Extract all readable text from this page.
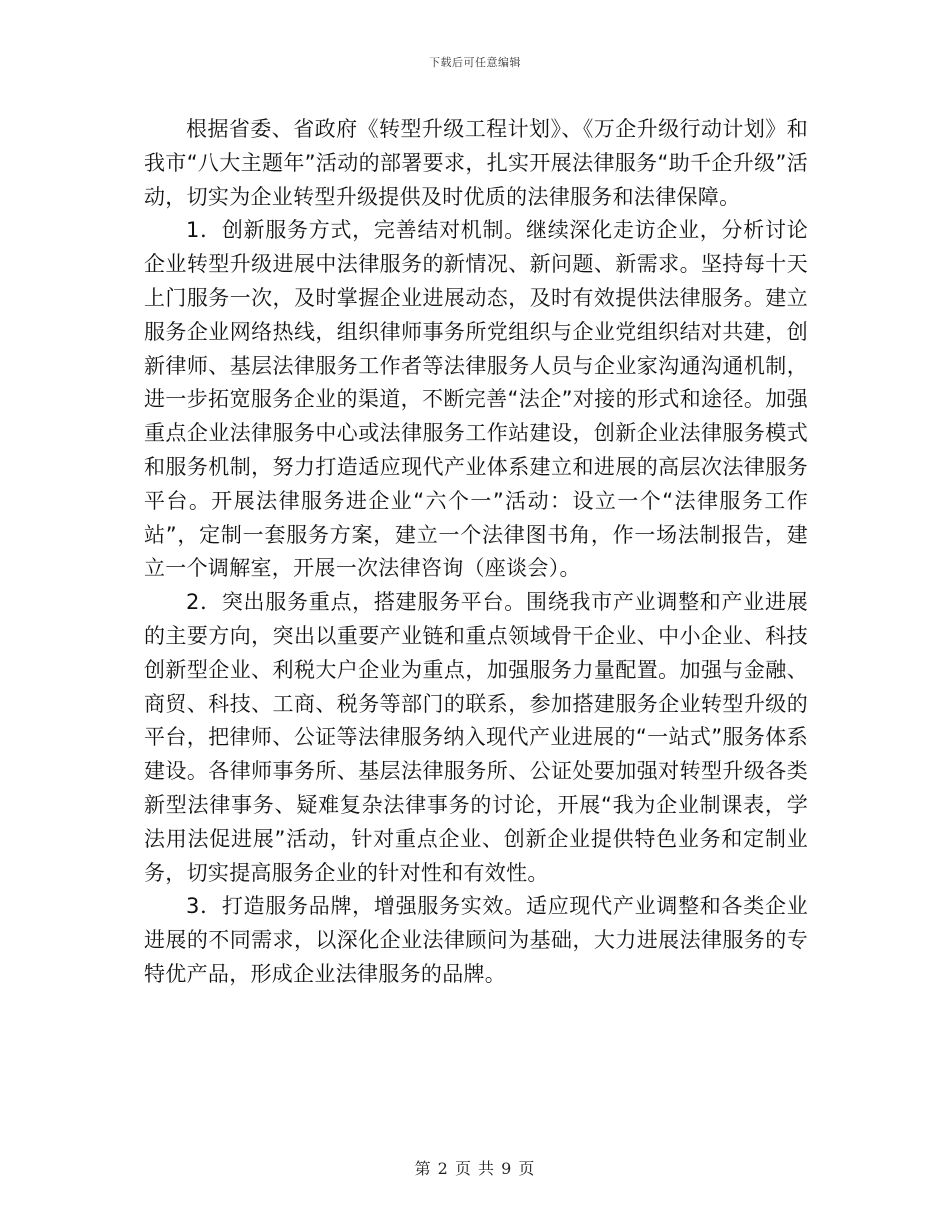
下载后可任意编辑

根据省委、省政府《转型升级工程计划》、《万企升级行动计划》和我市“八大主题年”活动的部署要求，扎实开展法律服务“助千企升级”活动，切实为企业转型升级提供及时优质的法律服务和法律保障。

1．创新服务方式，完善结对机制。继续深化走访企业，分析讨论企业转型升级进展中法律服务的新情况、新问题、新需求。坚持每十天上门服务一次，及时掌握企业进展动态，及时有效提供法律服务。建立服务企业网络热线，组织律师事务所党组织与企业党组织结对共建，创新律师、基层法律服务工作者等法律服务人员与企业家沟通沟通机制，进一步拓宽服务企业的渠道，不断完善“法企”对接的形式和途径。加强重点企业法律服务中心或法律服务工作站建设，创新企业法律服务模式和服务机制，努力打造适应现代产业体系建立和进展的高层次法律服务平台。开展法律服务进企业“六个一”活动：设立一个“法律服务工作站”，定制一套服务方案，建立一个法律图书角，作一场法制报告，建立一个调解室，开展一次法律咨询（座谈会）。

2．突出服务重点，搭建服务平台。围绕我市产业调整和产业进展的主要方向，突出以重要产业链和重点领域骨干企业、中小企业、科技创新型企业、利税大户企业为重点，加强服务力量配置。加强与金融、商贸、科技、工商、税务等部门的联系，参加搭建服务企业转型升级的平台，把律师、公证等法律服务纳入现代产业进展的“一站式”服务体系建设。各律师事务所、基层法律服务所、公证处要加强对转型升级各类新型法律事务、疑难复杂法律事务的讨论，开展“我为企业制课表，学法用法促进展”活动，针对重点企业、创新企业提供特色业务和定制业务，切实提高服务企业的针对性和有效性。

3．打造服务品牌，增强服务实效。适应现代产业调整和各类企业进展的不同需求，以深化企业法律顾问为基础，大力进展法律服务的专特优产品，形成企业法律服务的品牌。

第 2 页 共 9 页
